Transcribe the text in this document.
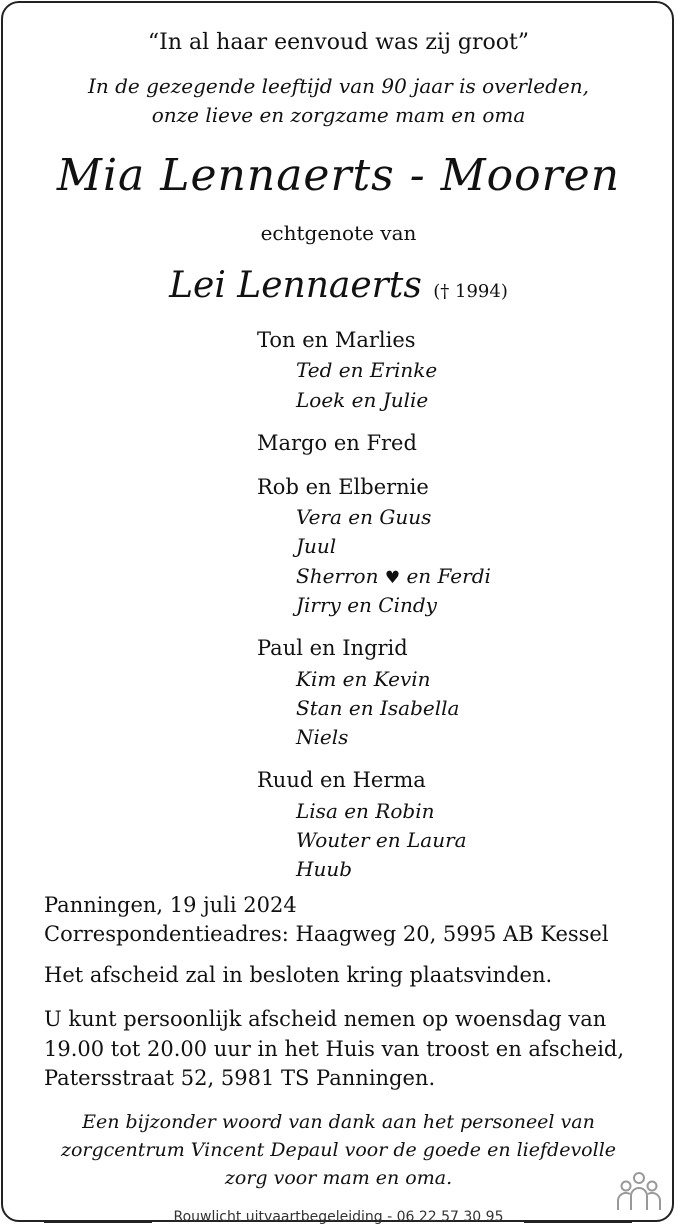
“In al haar eenvoud was zij groot”
In de gezegende leeftijd van 90 jaar is overleden,
onze lieve en zorgzame mam en oma
Mia Lennaerts - Mooren
echtgenote van
Lei Lennaerts († 1994)
Ton en Marlies
Ted en Erinke
Loek en Julie
Margo en Fred
Rob en Elbernie
Vera en Guus
Juul
Sherron ♥ en Ferdi
Jirry en Cindy
Paul en Ingrid
Kim en Kevin
Stan en Isabella
Niels
Ruud en Herma
Lisa en Robin
Wouter en Laura
Huub
Panningen, 19 juli 2024
Correspondentieadres: Haagweg 20, 5995 AB Kessel
Het afscheid zal in besloten kring plaatsvinden.
U kunt persoonlijk afscheid nemen op woensdag van
19.00 tot 20.00 uur in het Huis van troost en afscheid,
Patersstraat 52, 5981 TS Panningen.
Een bijzonder woord van dank aan het personeel van
zorgcentrum Vincent Depaul voor de goede en liefdevolle
zorg voor mam en oma.
Rouwlicht uitvaartbegeleiding - 06 22 57 30 95
